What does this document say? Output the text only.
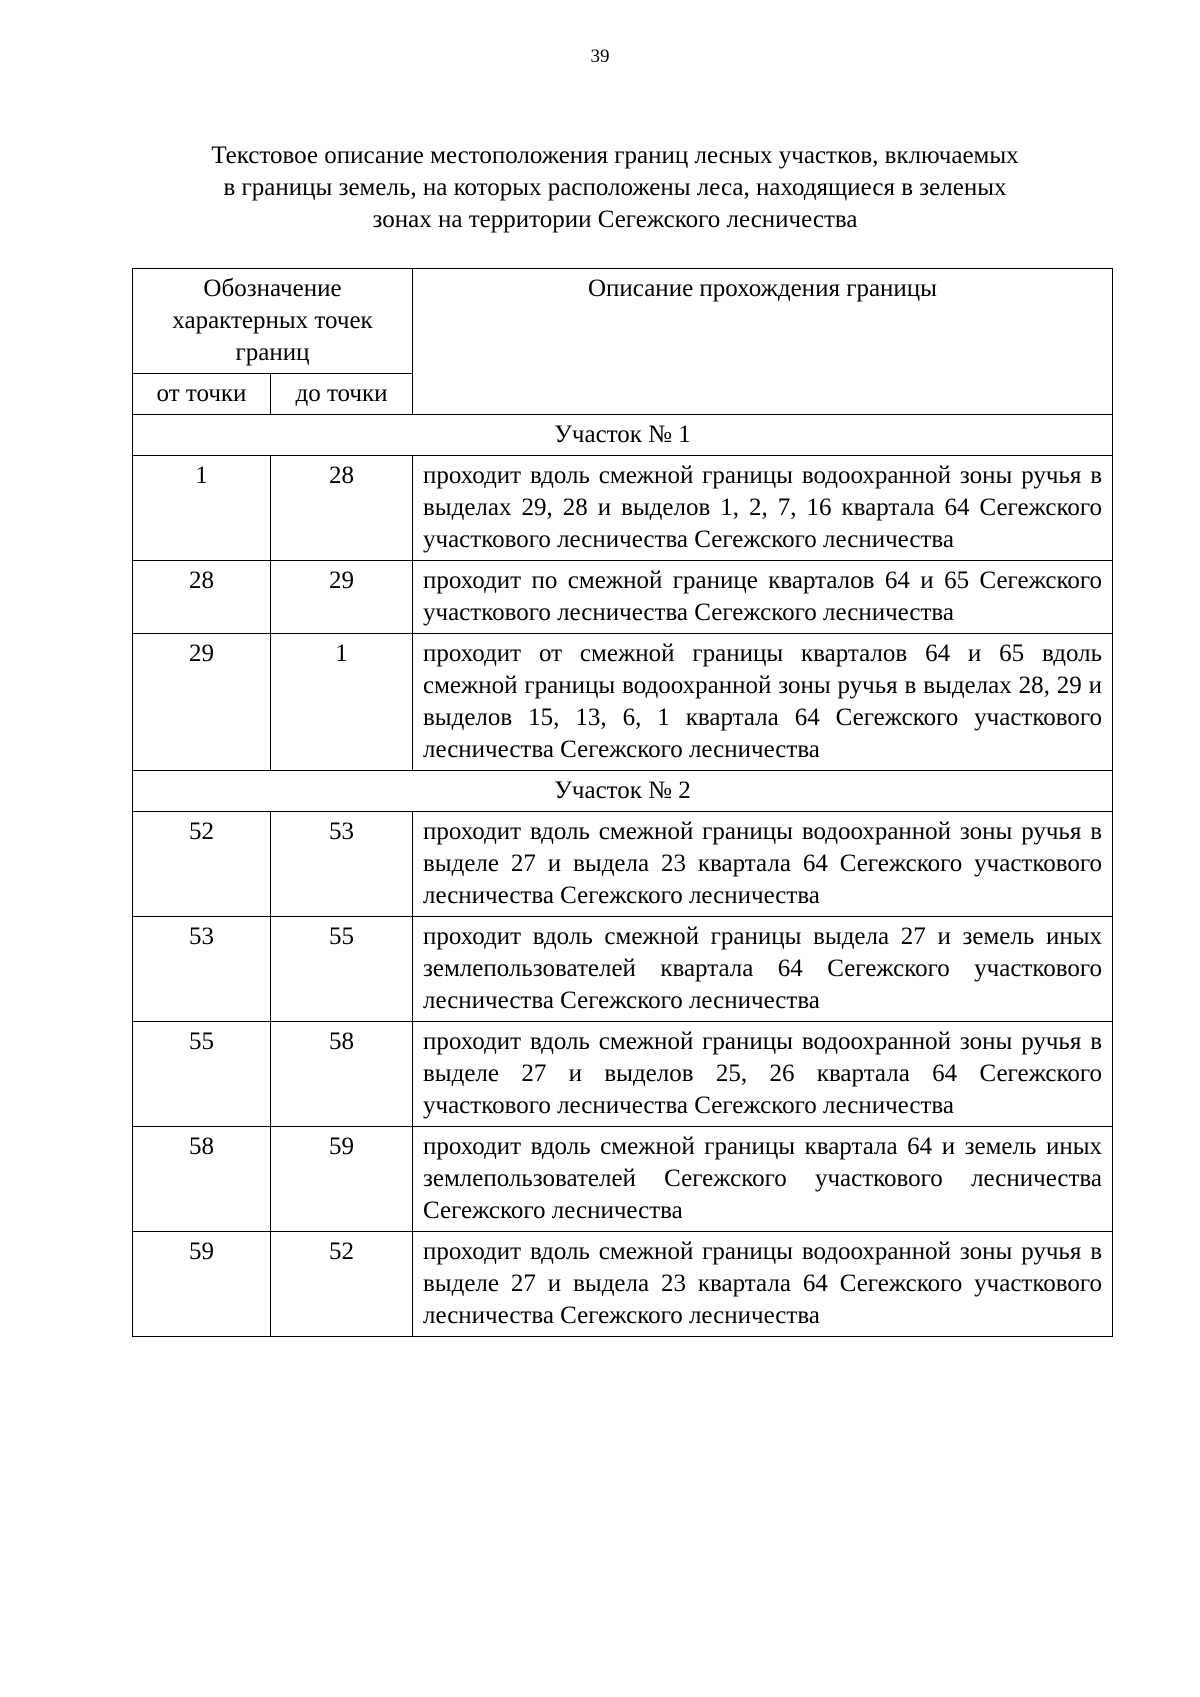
39
Текстовое описание местоположения границ лесных участков, включаемых
в границы земель, на которых расположены леса, находящиеся в зеленых
зонах на территории Сегежского лесничества
Обозначение характерных точек границ		Описание прохождения границы
от точки	до точки	
Участок № 1		
1	28	проходит вдоль смежной границы водоохранной зоны ручья в выделах 29, 28 и выделов 1, 2, 7, 16 квартала 64 Сегежского участкового лесничества Сегежского лесничества
28	29	проходит по смежной границе кварталов 64 и 65 Сегежского участкового лесничества Сегежского лесничества
29	1	проходит от смежной границы кварталов 64 и 65 вдоль смежной границы водоохранной зоны ручья в выделах 28, 29 и выделов 15, 13, 6, 1 квартала 64 Сегежского участкового лесничества Сегежского лесничества
Участок № 2		
52	53	проходит вдоль смежной границы водоохранной зоны ручья в выделе 27 и выдела 23 квартала 64 Сегежского участкового лесничества Сегежского лесничества
53	55	проходит вдоль смежной границы выдела 27 и земель иных землепользователей квартала 64 Сегежского участкового лесничества Сегежского лесничества
55	58	проходит вдоль смежной границы водоохранной зоны ручья в выделе 27 и выделов 25, 26 квартала 64 Сегежского участкового лесничества Сегежского лесничества
58	59	проходит вдоль смежной границы квартала 64 и земель иных землепользователей Сегежского участкового лесничества Сегежского лесничества
59	52	проходит вдоль смежной границы водоохранной зоны ручья в выделе 27 и выдела 23 квартала 64 Сегежского участкового лесничества Сегежского лесничества
